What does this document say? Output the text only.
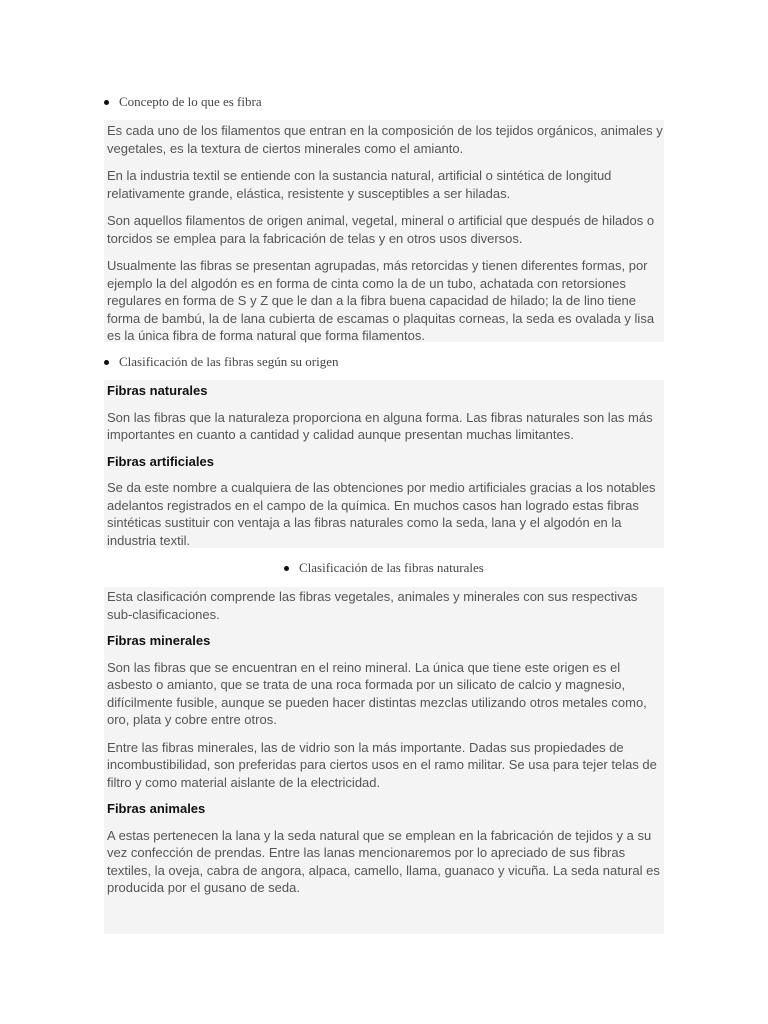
Concepto de lo que es fibra

Es cada uno de los filamentos que entran en la composición de los tejidos orgánicos, animales y vegetales, es la textura de ciertos minerales como el amianto.

En la industria textil se entiende con la sustancia natural, artificial o sintética de longitud relativamente grande, elástica, resistente y susceptibles a ser hiladas.

Son aquellos filamentos de origen animal, vegetal, mineral o artificial que después de hilados o torcidos se emplea para la fabricación de telas y en otros usos diversos.

Usualmente las fibras se presentan agrupadas, más retorcidas y tienen diferentes formas, por ejemplo la del algodón es en forma de cinta como la de un tubo, achatada con retorsiones regulares en forma de S y Z que le dan a la fibra buena capacidad de hilado; la de lino tiene forma de bambú, la de lana cubierta de escamas o plaquitas corneas, la seda es ovalada y lisa es la única fibra de forma natural que forma filamentos.

Clasificación de las fibras según su origen
Fibras naturales

Son las fibras que la naturaleza proporciona en alguna forma. Las fibras naturales son las más importantes en cuanto a cantidad y calidad aunque presentan muchas limitantes.

Fibras artificiales

Se da este nombre a cualquiera de las obtenciones por medio artificiales gracias a los notables adelantos registrados en el campo de la química. En muchos casos han logrado estas fibras sintéticas sustituir con ventaja a las fibras naturales como la seda, lana y el algodón en la industria textil.

Clasificación de las fibras naturales

Esta clasificación comprende las fibras vegetales, animales y minerales con sus respectivas sub-clasificaciones.

Fibras minerales

Son las fibras que se encuentran en el reino mineral. La única que tiene este origen es el asbesto o amianto, que se trata de una roca formada por un silicato de calcio y magnesio, difícilmente fusible, aunque se pueden hacer distintas mezclas utilizando otros metales como, oro, plata y cobre entre otros.

Entre las fibras minerales, las de vidrio son la más importante. Dadas sus propiedades de incombustibilidad, son preferidas para ciertos usos en el ramo militar. Se usa para tejer telas de filtro y como material aislante de la electricidad.

Fibras animales

A estas pertenecen la lana y la seda natural que se emplean en la fabricación de tejidos y a su vez confección de prendas. Entre las lanas mencionaremos por lo apreciado de sus fibras textiles, la oveja, cabra de angora, alpaca, camello, llama, guanaco y vicuña. La seda natural es producida por el gusano de seda.
